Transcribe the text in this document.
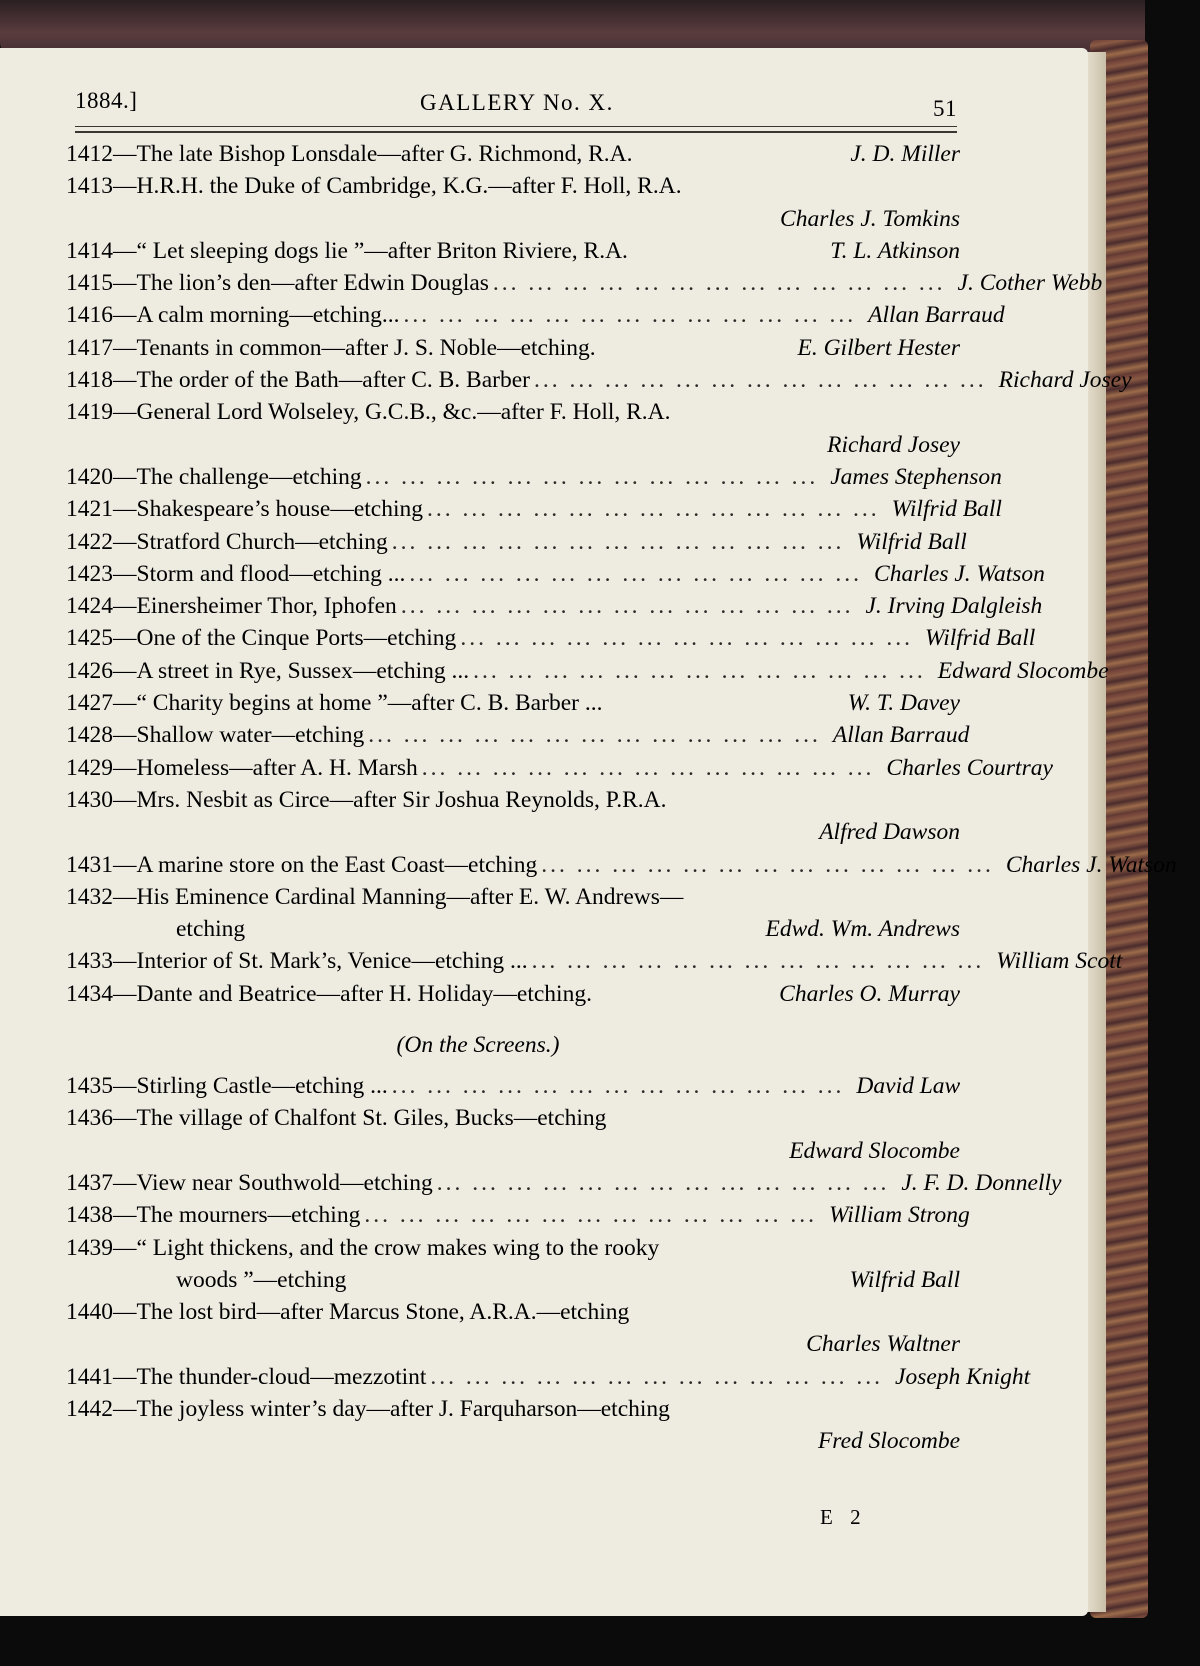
1884.]	GALLERY No. X.	51
1412 — The late Bishop Lonsdale—after G. Richmond, R.A.	J. D. Miller
1413 — H.R.H. the Duke of Cambridge, K.G.—after F. Holl, R.A.
Charles J. Tomkins
1414 — “ Let sleeping dogs lie ”—after Briton Riviere, R.A.	T. L. Atkinson
1415 — The lion’s den—after Edwin Douglas ... .	J. Cother Webb
1416 — A calm morning—etching... ... .	Allan Barraud
1417 — Tenants in common—after J. S. Noble—etching.	E. Gilbert Hester
1418 — The order of the Bath—after C. B. Barber ... .	Richard Josey
1419 — General Lord Wolseley, G.C.B., &c.—after F. Holl, R.A.
Richard Josey
1420 — The challenge—etching ... .	James Stephenson
1421 — Shakespeare’s house—etching ... .	Wilfrid Ball
1422 — Stratford Church—etching ... .	Wilfrid Ball
1423 — Storm and flood—etching ... ... .	Charles J. Watson
1424 — Einersheimer Thor, Iphofen ... .	J. Irving Dalgleish
1425 — One of the Cinque Ports—etching ... .	Wilfrid Ball
1426 — A street in Rye, Sussex—etching ... ... .	Edward Slocombe
1427 — “ Charity begins at home ”—after C. B. Barber ...	W. T. Davey
1428 — Shallow water—etching ... .	Allan Barraud
1429 — Homeless—after A. H. Marsh ... .	Charles Courtray
1430 — Mrs. Nesbit as Circe—after Sir Joshua Reynolds, P.R.A.
Alfred Dawson
1431 — A marine store on the East Coast—etching ... .	Charles J. Watson
1432 — His Eminence Cardinal Manning—after E. W. Andrews—
etching	Edwd. Wm. Andrews
1433 — Interior of St. Mark’s, Venice—etching ... ... .	William Scott
1434 — Dante and Beatrice—after H. Holiday—etching.	Charles O. Murray
(On the Screens.)
1435 — Stirling Castle—etching ... ... .	David Law
1436 — The village of Chalfont St. Giles, Bucks—etching
Edward Slocombe
1437 — View near Southwold—etching ... .	J. F. D. Donnelly
1438 — The mourners—etching ... .	William Strong
1439 — “ Light thickens, and the crow makes wing to the rooky
woods ”—etching	Wilfrid Ball
1440 — The lost bird—after Marcus Stone, A.R.A.—etching
Charles Waltner
1441 — The thunder-cloud—mezzotint ... .	Joseph Knight
1442 — The joyless winter’s day—after J. Farquharson—etching
Fred Slocombe
E 2
